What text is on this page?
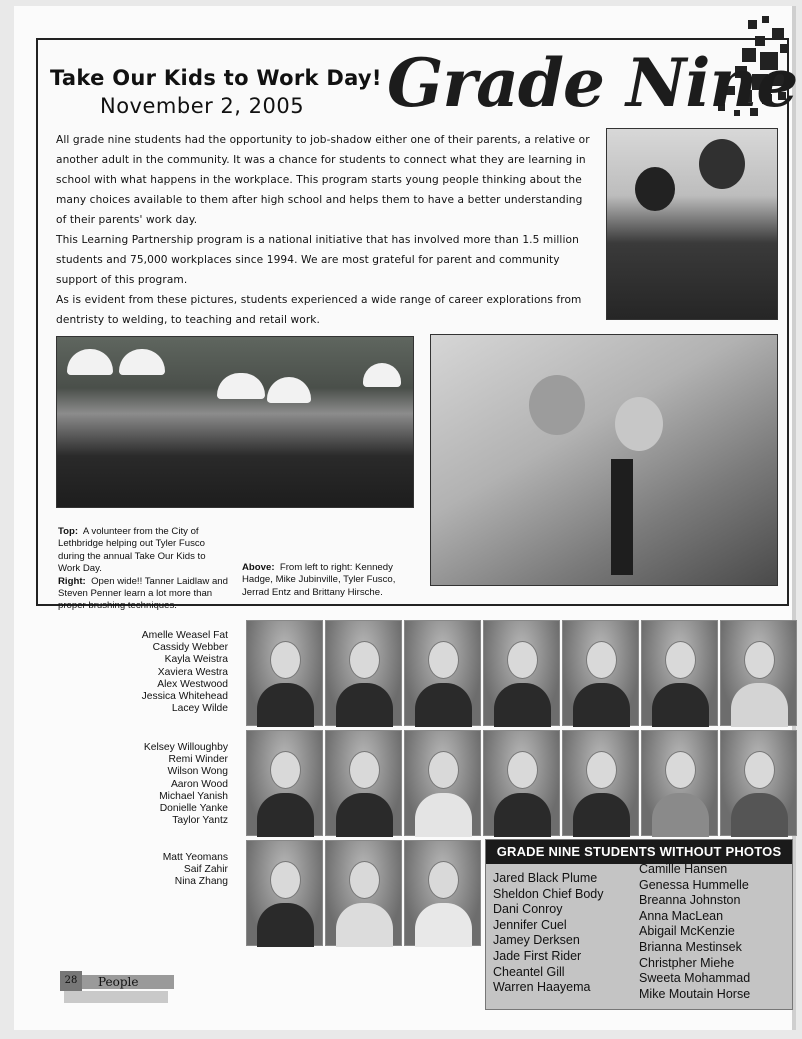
Take Our Kids to Work Day!
November 2, 2005 Grade Nine

All grade nine students had the opportunity to job-shadow either one of their parents, a relative or another adult in the community. It was a chance for students to connect what they are learning in school with what happens in the workplace. This program starts young people thinking about the many choices available to them after high school and helps them to have a better understanding of their parents' work day.

This Learning Partnership program is a national initiative that has involved more than 1.5 million students and 75,000 workplaces since 1994. We are most grateful for parent and community support of this program.

As is evident from these pictures, students experienced a wide range of career explorations from dentristy to welding, to teaching and retail work.

Top: A volunteer from the City of Lethbridge helping out Tyler Fusco during the annual Take Our Kids to Work Day.
Right: Open wide!! Tanner Laidlaw and Steven Penner learn a lot more than proper brushing techniques.
Above: From left to right: Kennedy Hadge, Mike Jubinville, Tyler Fusco, Jerrad Entz and Brittany Hirsche.
Amelle Weasel Fat
Cassidy Webber
Kayla Weistra
Xaviera Westra
Alex Westwood
Jessica Whitehead
Lacey Wilde
Kelsey Willoughby
Remi Winder
Wilson Wong
Aaron Wood
Michael Yanish
Donielle Yanke
Taylor Yantz
Matt Yeomans
Saif Zahir
Nina Zhang
GRADE NINE STUDENTS WITHOUT PHOTOS
Jared Black Plume
Sheldon Chief Body
Dani Conroy
Jennifer Cuel
Jamey Derksen
Jade First Rider
Cheantel Gill
Warren Haayema
Camille Hansen
Genessa Hummelle
Breanna Johnston
Anna MacLean
Abigail McKenzie
Brianna Mestinsek
Christpher Miehe
Sweeta Mohammad
Mike Moutain Horse
28	People
